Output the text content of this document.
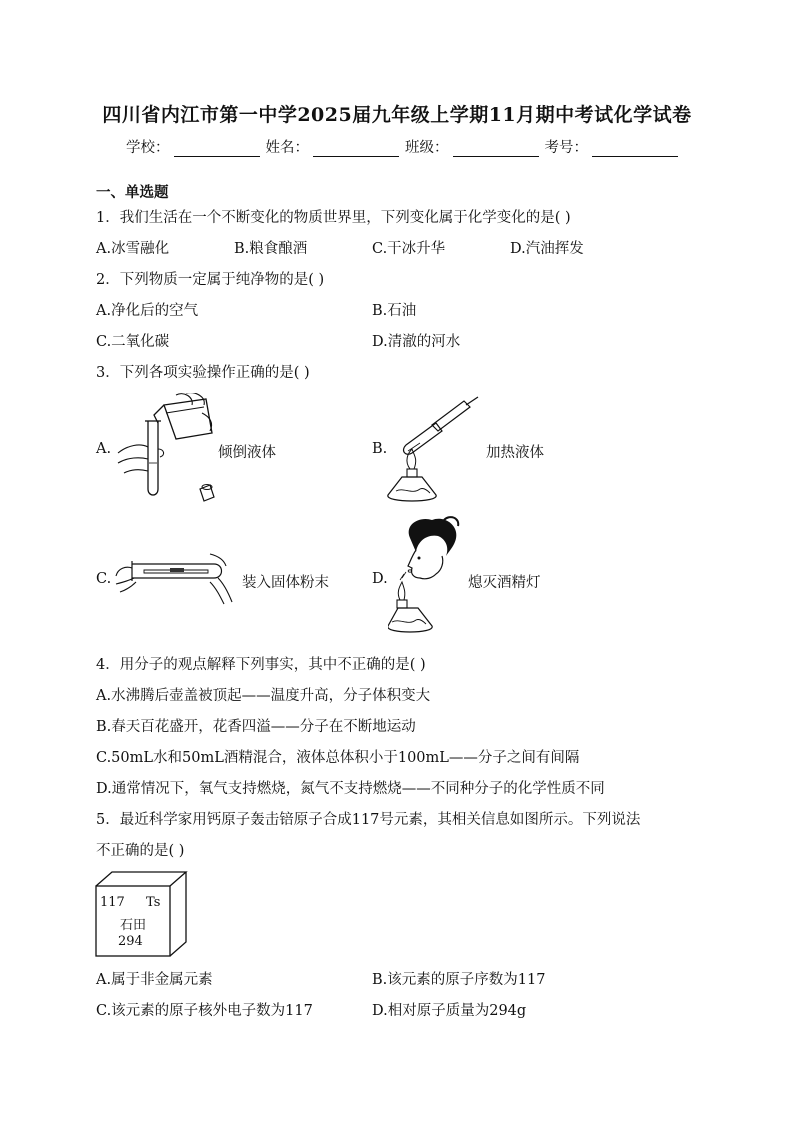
四川省内江市第一中学2025届九年级上学期11月期中考试化学试卷
学校：	姓名：	班级：	考号：
一、单选题
1．我们生活在一个不断变化的物质世界里，下列变化属于化学变化的是( )
A.冰雪融化	B.粮食酿酒	C.干冰升华	D.汽油挥发
2．下列物质一定属于纯净物的是( )
A.净化后的空气	B.石油
C.二氧化碳	D.清澈的河水
3．下列各项实验操作正确的是( )
A.	倾倒液体	B.	加热液体
C.	装入固体粉末	D.	熄灭酒精灯
4．用分子的观点解释下列事实，其中不正确的是( )
A.水沸腾后壶盖被顶起——温度升高，分子体积变大
B.春天百花盛开，花香四溢——分子在不断地运动
C.50mL水和50mL酒精混合，液体总体积小于100mL——分子之间有间隔
D.通常情况下，氧气支持燃烧，氮气不支持燃烧——不同种分子的化学性质不同
5．最近科学家用钙原子轰击锫原子合成117号元素，其相关信息如图所示。下列说法
不正确的是( )
117 Ts
石田
294
A.属于非金属元素	B.该元素的原子序数为117
C.该元素的原子核外电子数为117	D.相对原子质量为294g
